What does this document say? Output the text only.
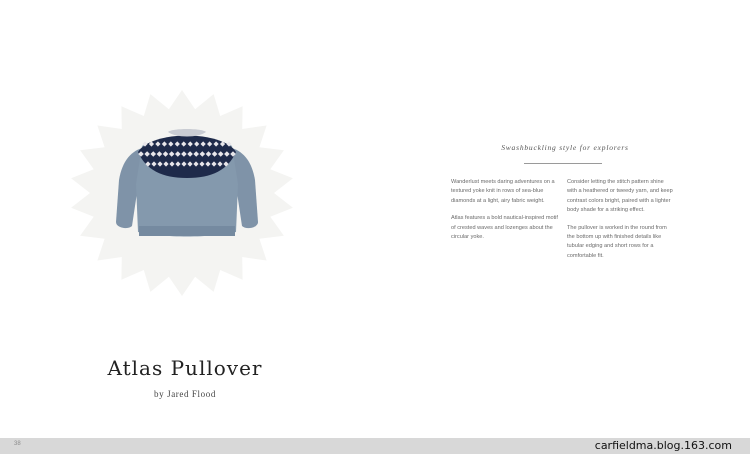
Atlas Pullover
by Jared Flood
Swashbuckling style for explorers

Wanderlust meets daring adventures on a textured yoke knit in rows of sea-blue diamonds at a light, airy fabric weight.

Atlas features a bold nautical-inspired motif of crested waves and lozenges about the circular yoke.

Consider letting the stitch pattern shine with a heathered or tweedy yarn, and keep contrast colors bright, paired with a lighter body shade for a striking effect.

The pullover is worked in the round from the bottom up with finished details like tubular edging and short rows for a comfortable fit.

38	carfieldma.blog.163.com
